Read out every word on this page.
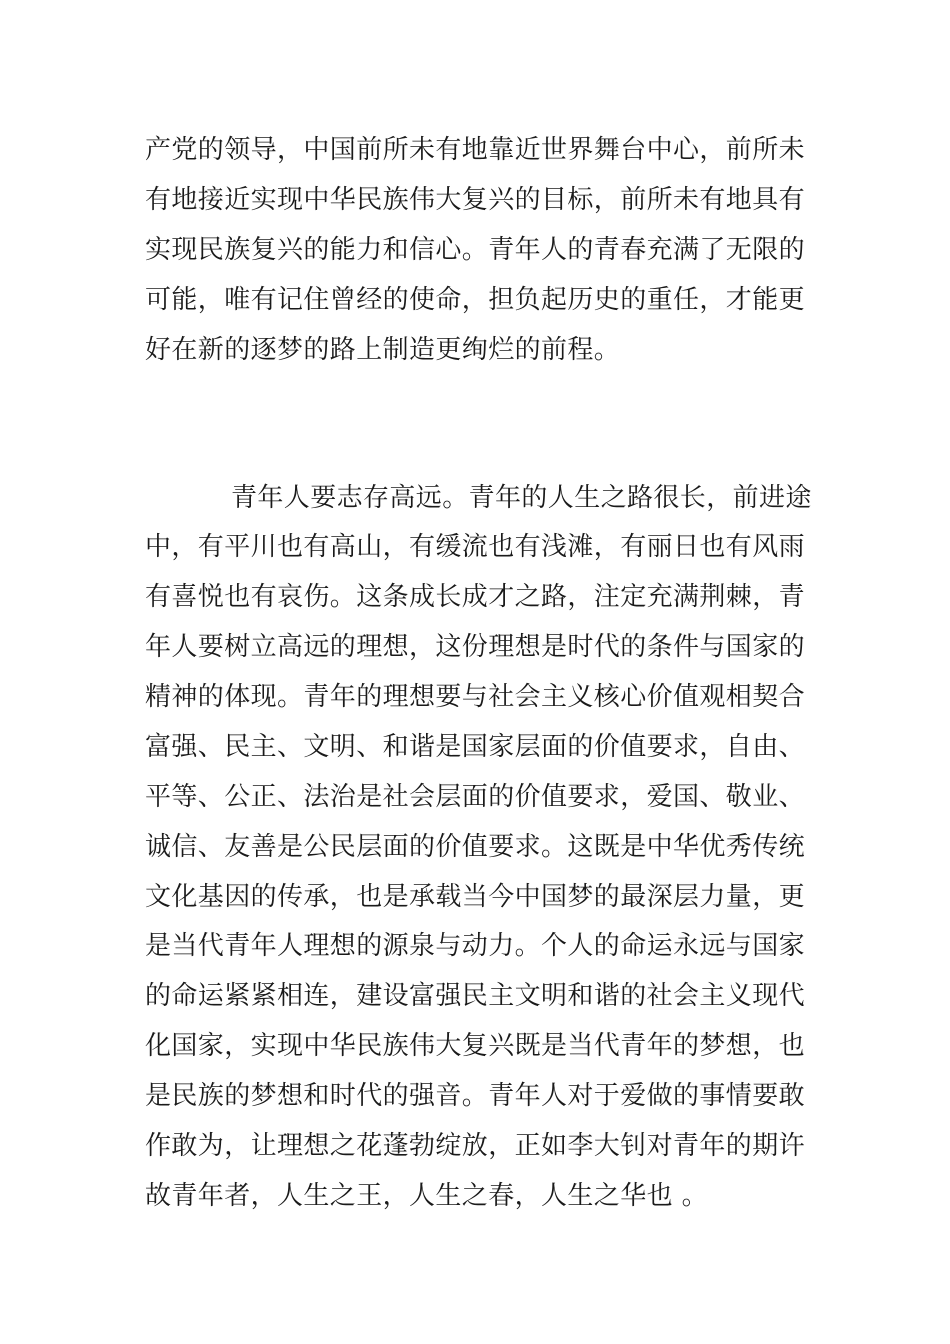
产党的领导，中国前所未有地靠近世界舞台中心，前所未

有地接近实现中华民族伟大复兴的目标，前所未有地具有

实现民族复兴的能力和信心。青年人的青春充满了无限的

可能，唯有记住曾经的使命，担负起历史的重任，才能更

好在新的逐梦的路上制造更绚烂的前程。

青年人要志存高远。青年的人生之路很长，前进途

中，有平川也有高山，有缓流也有浅滩，有丽日也有风雨

有喜悦也有哀伤。这条成长成才之路，注定充满荆棘，青

年人要树立高远的理想，这份理想是时代的条件与国家的

精神的体现。青年的理想要与社会主义核心价值观相契合

富强、民主、文明、和谐是国家层面的价值要求，自由、

平等、公正、法治是社会层面的价值要求，爱国、敬业、

诚信、友善是公民层面的价值要求。这既是中华优秀传统

文化基因的传承，也是承载当今中国梦的最深层力量，更

是当代青年人理想的源泉与动力。个人的命运永远与国家

的命运紧紧相连，建设富强民主文明和谐的社会主义现代

化国家，实现中华民族伟大复兴既是当代青年的梦想，也

是民族的梦想和时代的强音。青年人对于爱做的事情要敢

作敢为，让理想之花蓬勃绽放，正如李大钊对青年的期许

故青年者，人生之王，人生之春，人生之华也 。
